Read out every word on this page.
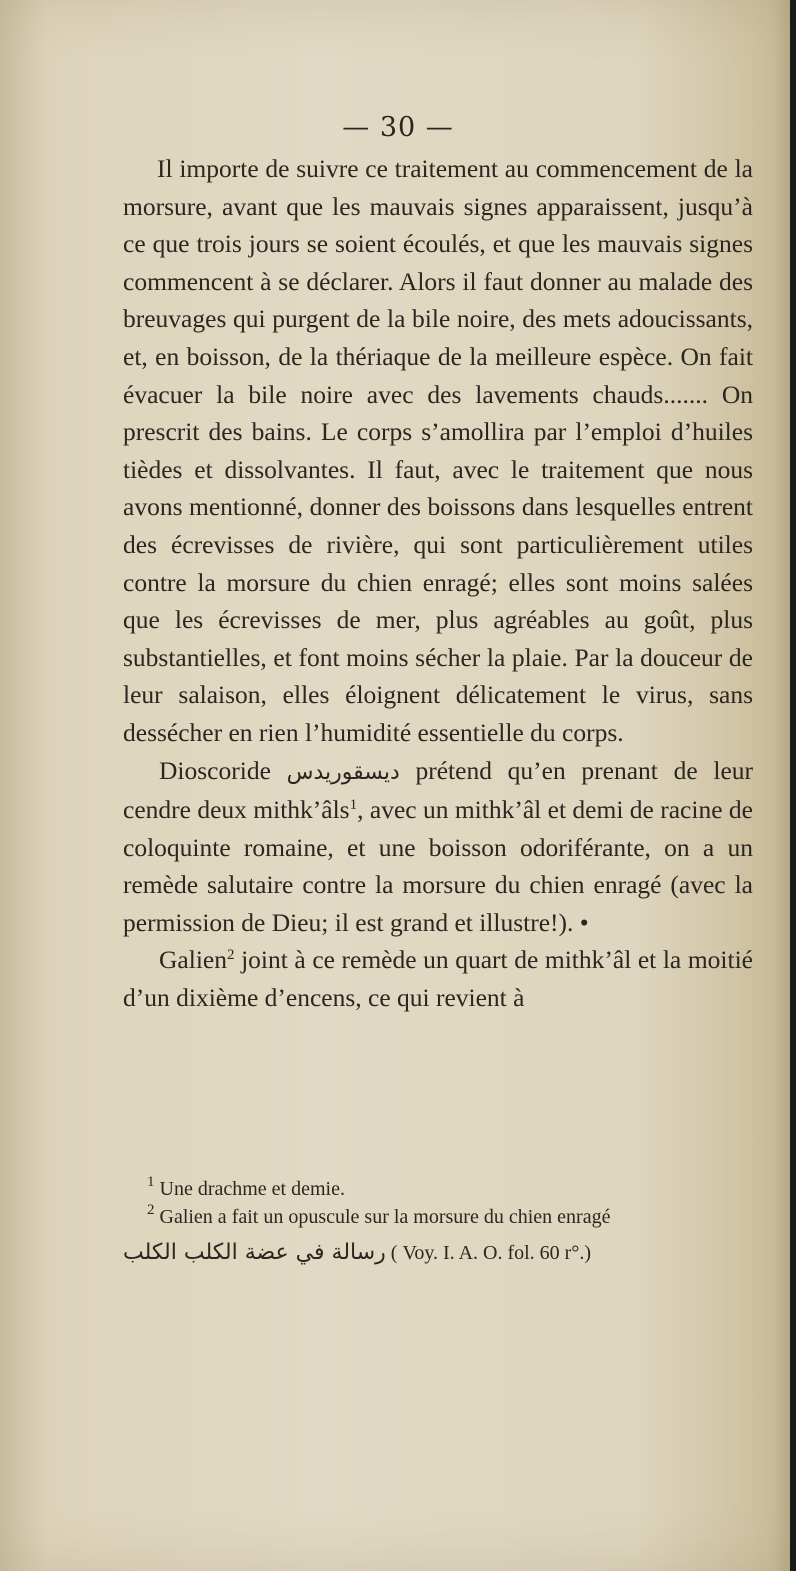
— 30 —

Il importe de suivre ce traitement au commencement de la morsure, avant que les mauvais signes apparaissent, jusqu’à ce que trois jours se soient écoulés, et que les mauvais signes commencent à se déclarer. Alors il faut donner au malade des breuvages qui purgent de la bile noire, des mets adoucissants, et, en boisson, de la thériaque de la meilleure espèce. On fait évacuer la bile noire avec des lavements chauds....... On prescrit des bains. Le corps s’amollira par l’emploi d’huiles tièdes et dissolvantes. Il faut, avec le traitement que nous avons mentionné, donner des boissons dans lesquelles entrent des écrevisses de rivière, qui sont particulièrement utiles contre la morsure du chien enragé; elles sont moins salées que les écrevisses de mer, plus agréables au goût, plus substantielles, et font moins sécher la plaie. Par la douceur de leur salaison, elles éloignent délicatement le virus, sans dessécher en rien l’humidité essentielle du corps.

Dioscoride ديسقوريدس prétend qu’en prenant de leur cendre deux mithk’âls$^1$, avec un mithk’âl et demi de racine de coloquinte romaine, et une boisson odoriférante, on a un remède salutaire contre la morsure du chien enragé (avec la permission de Dieu; il est grand et illustre!). •

Galien$^2$ joint à ce remède un quart de mithk’âl et la moitié d’un dixième d’encens, ce qui revient à

$^1$ Une drachme et demie.

$^2$ Galien a fait un opuscule sur la morsure du chien enragé

رسالة في عضة الكلب الكلب ( Voy. I. A. O. fol. 60 r°.)
